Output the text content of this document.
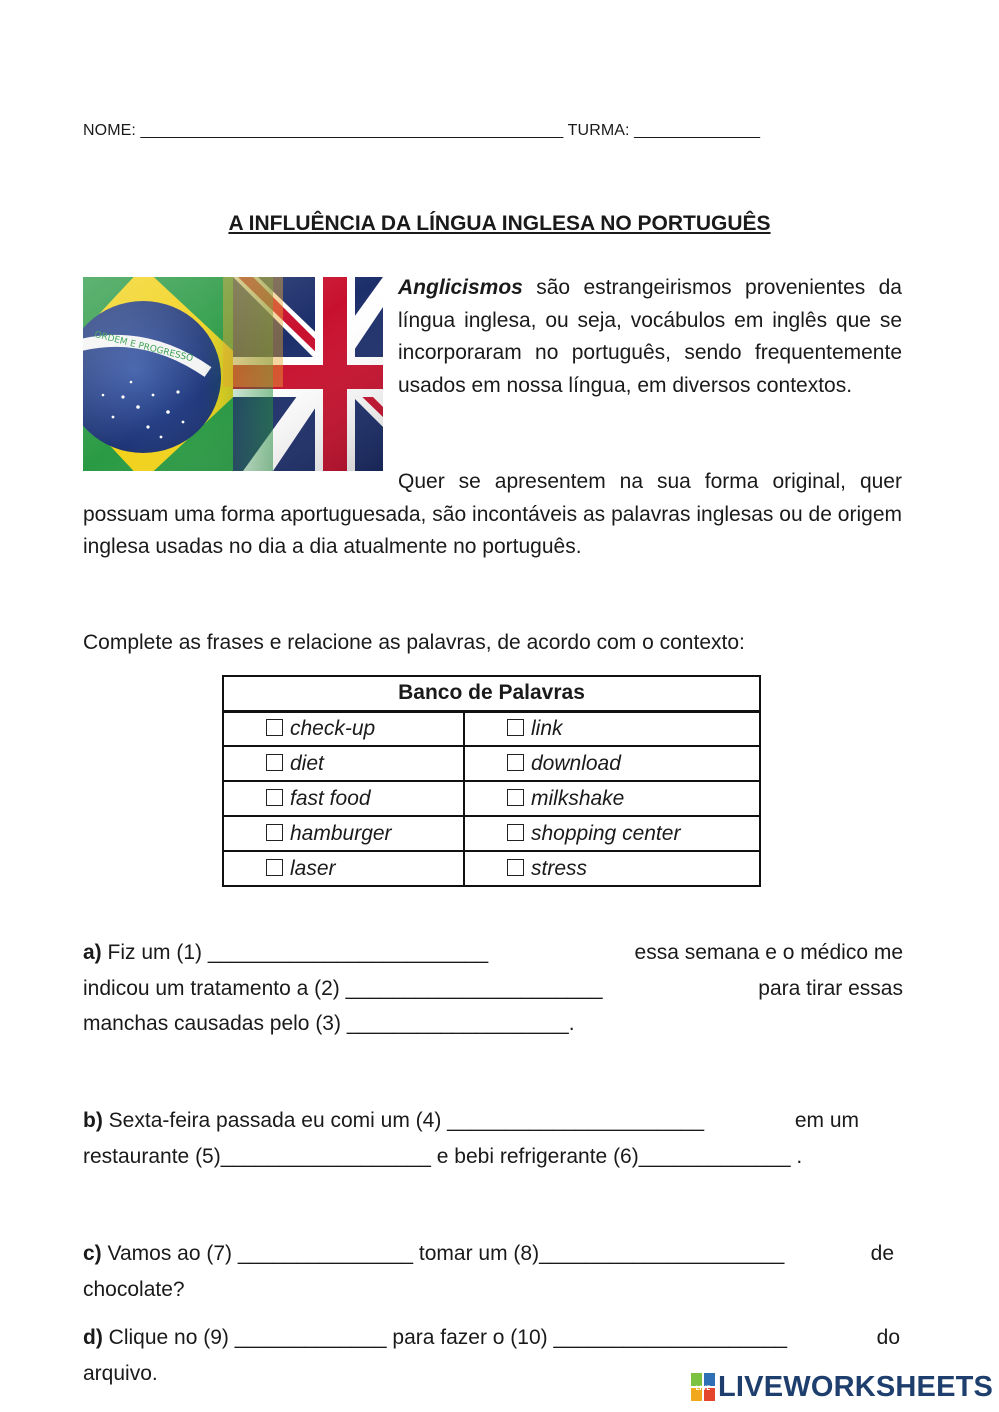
NOME: _______________________________________________ TURMA: ______________
A INFLUÊNCIA DA LÍNGUA INGLESA NO PORTUGUÊS

Anglicismos são estrangeirismos provenientes da língua inglesa, ou seja, vocábulos em inglês que se incorporaram no português, sendo frequentemente usados em nossa língua, em diversos contextos.

Quer se apresentem na sua forma original, quer possuam uma forma aportuguesada, são incontáveis as palavras inglesas ou de origem inglesa usadas no dia a dia atualmente no português.

Complete as frases e relacione as palavras, de acordo com o contexto:

Banco de Palavras	
check-up	link
diet	download
fast food	milkshake
hamburger	shopping center
laser	stress
a) Fiz um (1) ________________________	essa semana e o médico me
indicou um tratamento a (2) ______________________	para tirar essas
manchas causadas pelo (3) ___________________.
b) Sexta-feira passada eu comi um (4) ______________________	em um
restaurante (5)__________________ e bebi refrigerante (6)_____________ .
c) Vamos ao (7) _______________ tomar um (8)_____________________	de
chocolate?
d) Clique no (9) _____________ para fazer o (10) ____________________	do
arquivo.
LIVE LIVEWORKSHEETS
